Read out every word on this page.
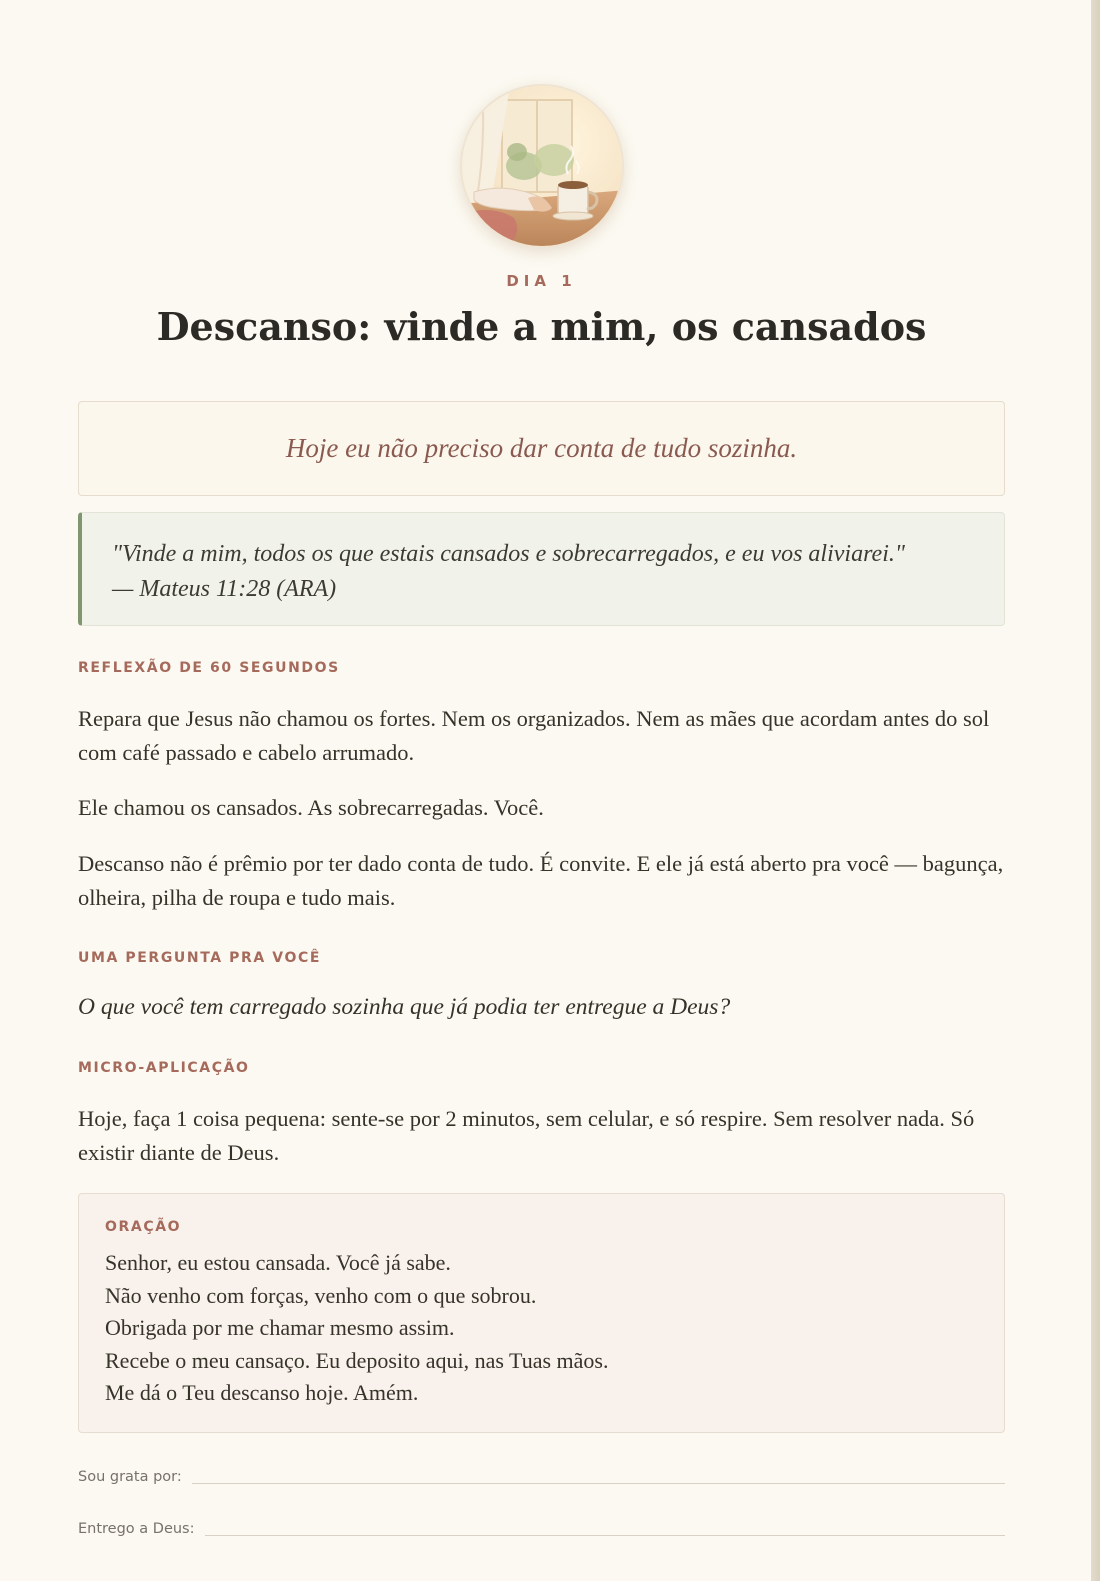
DIA 1
Descanso: vinde a mim, os cansados
Hoje eu não preciso dar conta de tudo sozinha.
"Vinde a mim, todos os que estais cansados e sobrecarregados, e eu vos aliviarei."
— Mateus 11:28 (ARA)
REFLEXÃO DE 60 SEGUNDOS

Repara que Jesus não chamou os fortes. Nem os organizados. Nem as mães que acordam antes do sol com café passado e cabelo arrumado.

Ele chamou os cansados. As sobrecarregadas. Você.

Descanso não é prêmio por ter dado conta de tudo. É convite. E ele já está aberto pra você — bagunça, olheira, pilha de roupa e tudo mais.

UMA PERGUNTA PRA VOCÊ

O que você tem carregado sozinha que já podia ter entregue a Deus?

MICRO-APLICAÇÃO

Hoje, faça 1 coisa pequena: sente-se por 2 minutos, sem celular, e só respire. Sem resolver nada. Só existir diante de Deus.

ORAÇÃO
Senhor, eu estou cansada. Você já sabe.
Não venho com forças, venho com o que sobrou.
Obrigada por me chamar mesmo assim.
Recebe o meu cansaço. Eu deposito aqui, nas Tuas mãos.
Me dá o Teu descanso hoje. Amém.
Sou grata por:
Entrego a Deus:
